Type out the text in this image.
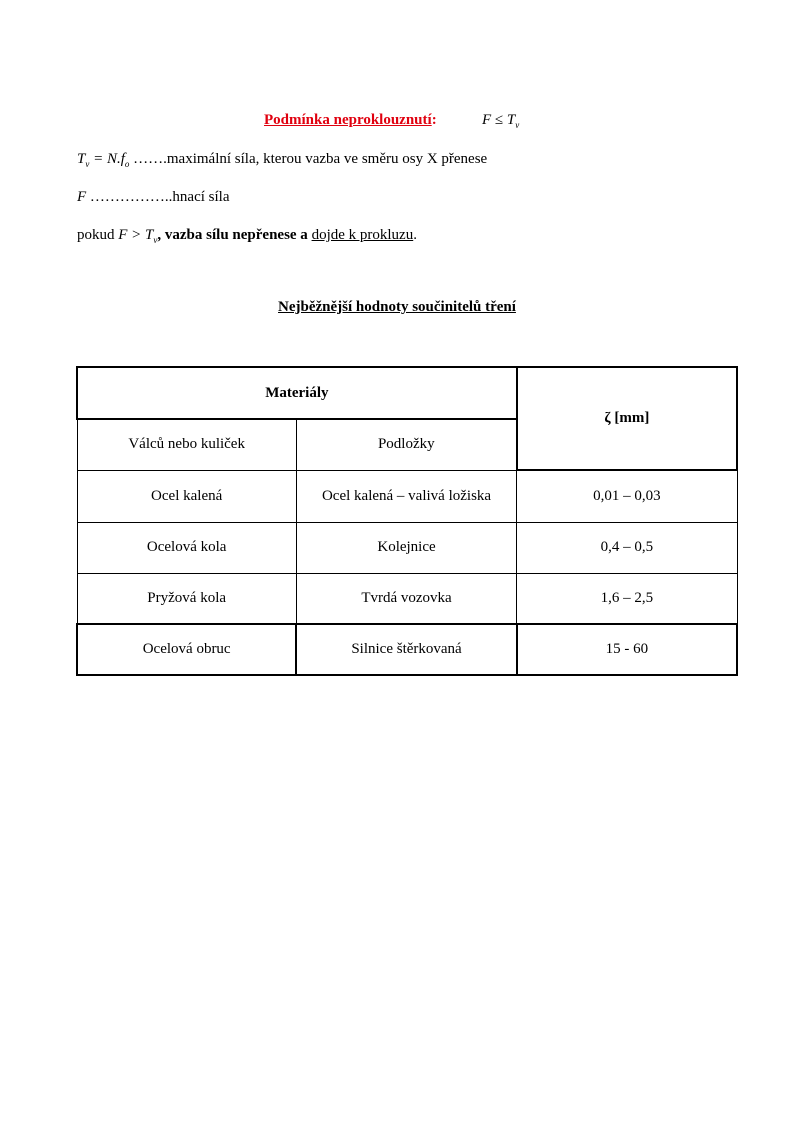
Podmínka neproklouznutí:	$F \le T_v$
$T_v = N.f_o$ …….maximální síla, kterou vazba ve směru osy X přenese
F ……………..hnací síla
pokud $F > T_v$, vazba sílu nepřenese a dojde k prokluzu.
Nejběžnější hodnoty součinitelů tření
Materiály		ζ [mm]
Válců nebo kuliček	Podložky	
Ocel kalená	Ocel kalená – valivá ložiska	0,01 – 0,03
Ocelová kola	Kolejnice	0,4 – 0,5
Pryžová kola	Tvrdá vozovka	1,6 – 2,5
Ocelová obruc	Silnice štěrkovaná	15 - 60
